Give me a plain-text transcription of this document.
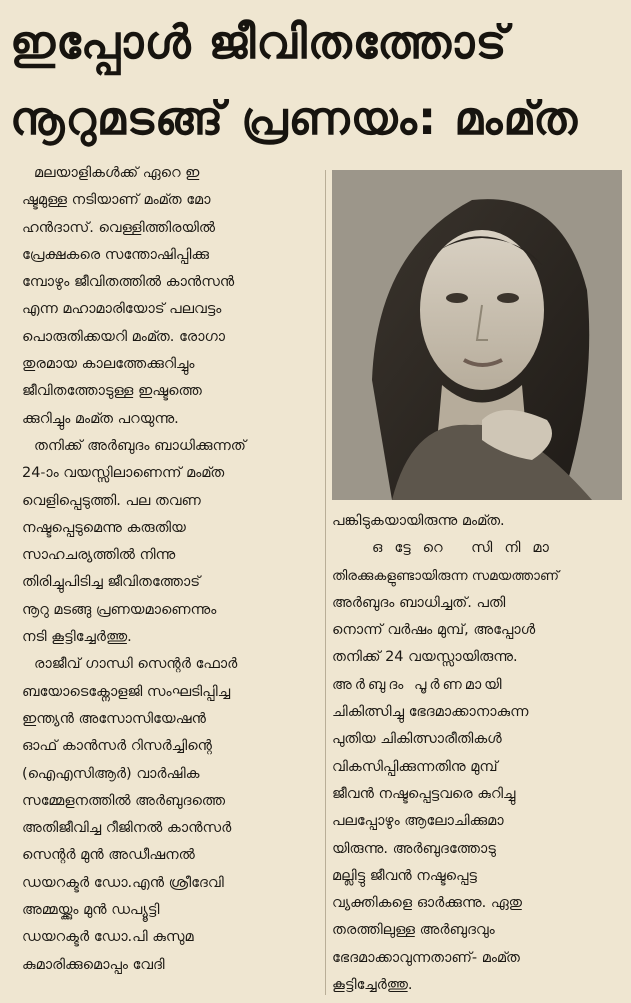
ഇപ്പോൾ ജീവിതത്തോട്
നൂറുമടങ്ങ് പ്രണയം: മംമ്ത
മലയാളികൾക്ക് ഏറെ ഇ
ഷ്ടമുള്ള നടിയാണ് മംമ്ത മോ
ഹൻദാസ്. വെള്ളിത്തിരയിൽ
പ്രേക്ഷകരെ സന്തോഷിപ്പിക്കു
മ്പോഴും ജീവിതത്തിൽ കാൻസൻ
എന്ന മഹാമാരിയോട് പലവട്ടം
പൊരുതിക്കയറി മംമ്ത. രോഗാ
തുരമായ കാലത്തേക്കുറിച്ചും
ജീവിതത്തോടുള്ള ഇഷ്ടത്തെ
ക്കുറിച്ചും മംമ്ത പറയുന്നു.
തനിക്ക് അർബുദം ബാധിക്കുന്നത്
24-ാം വയസ്സിലാണെന്ന് മംമ്ത
വെളിപ്പെടുത്തി. പല തവണ
നഷ്ടപ്പെടുമെന്നു കരുതിയ
സാഹചര്യത്തിൽ നിന്നു
തിരിച്ചുപിടിച്ച ജീവിതത്തോട്
നൂറു മടങ്ങു പ്രണയമാണെന്നും
നടി കൂട്ടിച്ചേർത്തു.
രാജീവ് ഗാന്ധി സെന്റർ ഫോർ
ബയോടെക്നോളജി സംഘടിപ്പിച്ച
ഇന്ത്യൻ അസോസിയേഷൻ
ഓഫ് കാൻസർ റിസർച്ചിന്റെ
(ഐഎസിആർ) വാർഷിക
സമ്മേളനത്തിൽ അർബുദത്തെ
അതിജീവിച്ച റീജിനൽ കാൻസർ
സെന്റർ മുൻ അഡീഷനൽ
ഡയറക്ടർ ഡോ.എൻ ശ്രീദേവി
അമ്മയ്ക്കും മുൻ ഡപ്യൂട്ടി
ഡയറക്ടർ ഡോ.പി കുസുമ
കുമാരിക്കുമൊപ്പം വേദി
പങ്കിടുകയായിരുന്നു മംമ്ത.
ഒട്ടേറെ സിനിമാ
തിരക്കുകളുണ്ടായിരുന്ന സമയത്താണ്
അർബുദം ബാധിച്ചത്. പതി
നൊന്ന് വർഷം മുമ്പ്, അപ്പോൾ
തനിക്ക് 24 വയസ്സായിരുന്നു.
അർബുദം പൂർണമായി
ചികിത്സിച്ചു ഭേദമാക്കാനാകുന്ന
പുതിയ ചികിത്സാരീതികൾ
വികസിപ്പിക്കുന്നതിനു മുമ്പ്
ജീവൻ നഷ്ടപ്പെട്ടവരെ കുറിച്ചു
പലപ്പോഴും ആലോചിക്കുമാ
യിരുന്നു. അർബുദത്തോടു
മല്ലിട്ടു ജീവൻ നഷ്ടപ്പെട്ട
വ്യക്തികളെ ഓർക്കുന്നു. ഏതു
തരത്തിലുള്ള അർബുദവും
ഭേദമാക്കാവുന്നതാണ്- മംമ്ത
കൂട്ടിച്ചേർത്തു.
